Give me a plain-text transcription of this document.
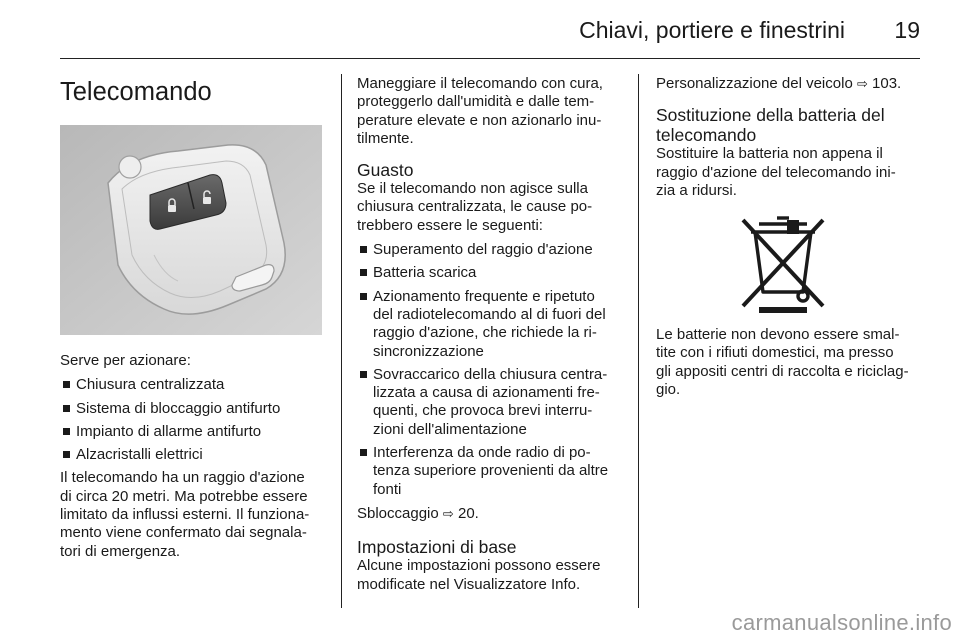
Chiavi, portiere e finestrini 19
Telecomando

Serve per azionare:

Chiusura centralizzata
Sistema di bloccaggio antifurto
Impianto di allarme antifurto
Alzacristalli elettrici

Il telecomando ha un raggio d'azione
di circa 20 metri. Ma potrebbe essere
limitato da influssi esterni. Il funziona-
mento viene confermato dai segnala-
tori di emergenza.

Maneggiare il telecomando con cura,
proteggerlo dall'umidità e dalle tem-
perature elevate e non azionarlo inu-
tilmente.

Guasto

Se il telecomando non agisce sulla
chiusura centralizzata, le cause po-
trebbero essere le seguenti:

Superamento del raggio d'azione
Batteria scarica
Azionamento frequente e ripetuto
del radiotelecomando al di fuori del
raggio d'azione, che richiede la ri-
sincronizzazione
Sovraccarico della chiusura centra-
lizzata a causa di azionamenti fre-
quenti, che provoca brevi interru-
zioni dell'alimentazione
Interferenza da onde radio di po-
tenza superiore provenienti da altre
fonti

Sbloccaggio ⇨ 20.

Impostazioni di base

Alcune impostazioni possono essere
modificate nel Visualizzatore Info.

Personalizzazione del veicolo ⇨ 103.

Sostituzione della batteria del
telecomando

Sostituire la batteria non appena il
raggio d'azione del telecomando ini-
zia a ridursi.

Le batterie non devono essere smal-
tite con i rifiuti domestici, ma presso
gli appositi centri di raccolta e riciclag-
gio.

carmanualsonline.info
